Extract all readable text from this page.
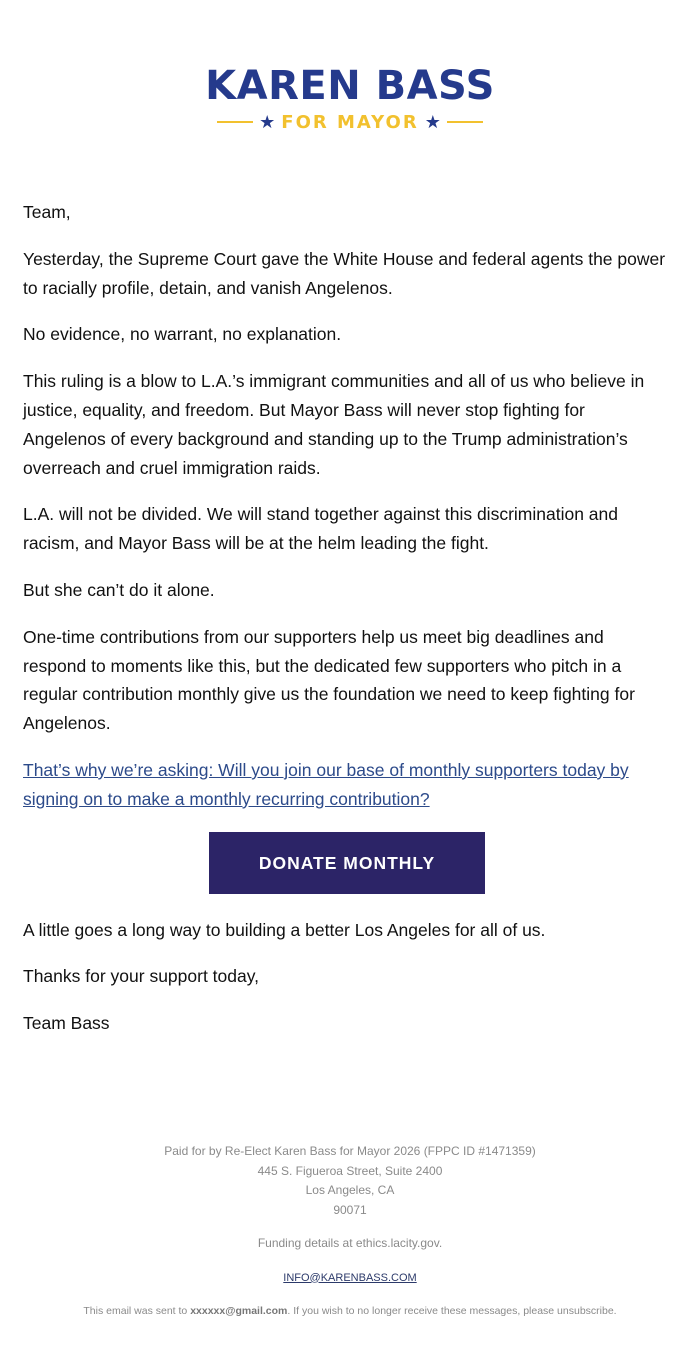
KAREN BASS
★ FOR MAYOR ★

Team,

Yesterday, the Supreme Court gave the White House and federal agents the power to racially profile, detain, and vanish Angelenos.

No evidence, no warrant, no explanation.

This ruling is a blow to L.A.’s immigrant communities and all of us who believe in justice, equality, and freedom. But Mayor Bass will never stop fighting for Angelenos of every background and standing up to the Trump administration’s overreach and cruel immigration raids.

L.A. will not be divided. We will stand together against this discrimination and racism, and Mayor Bass will be at the helm leading the fight.

But she can’t do it alone.

One-time contributions from our supporters help us meet big deadlines and respond to moments like this, but the dedicated few supporters who pitch in a regular contribution monthly give us the foundation we need to keep fighting for Angelenos.

That’s why we’re asking: Will you join our base of monthly supporters today by signing on to make a monthly recurring contribution?

DONATE MONTHLY

A little goes a long way to building a better Los Angeles for all of us.

Thanks for your support today,

Team Bass

Paid for by Re-Elect Karen Bass for Mayor 2026 (FPPC ID #1471359)
445 S. Figueroa Street, Suite 2400
Los Angeles, CA
90071
Funding details at ethics.lacity.gov.
INFO@KARENBASS.COM
This email was sent to xxxxxx@gmail.com. If you wish to no longer receive these messages, please unsubscribe.
